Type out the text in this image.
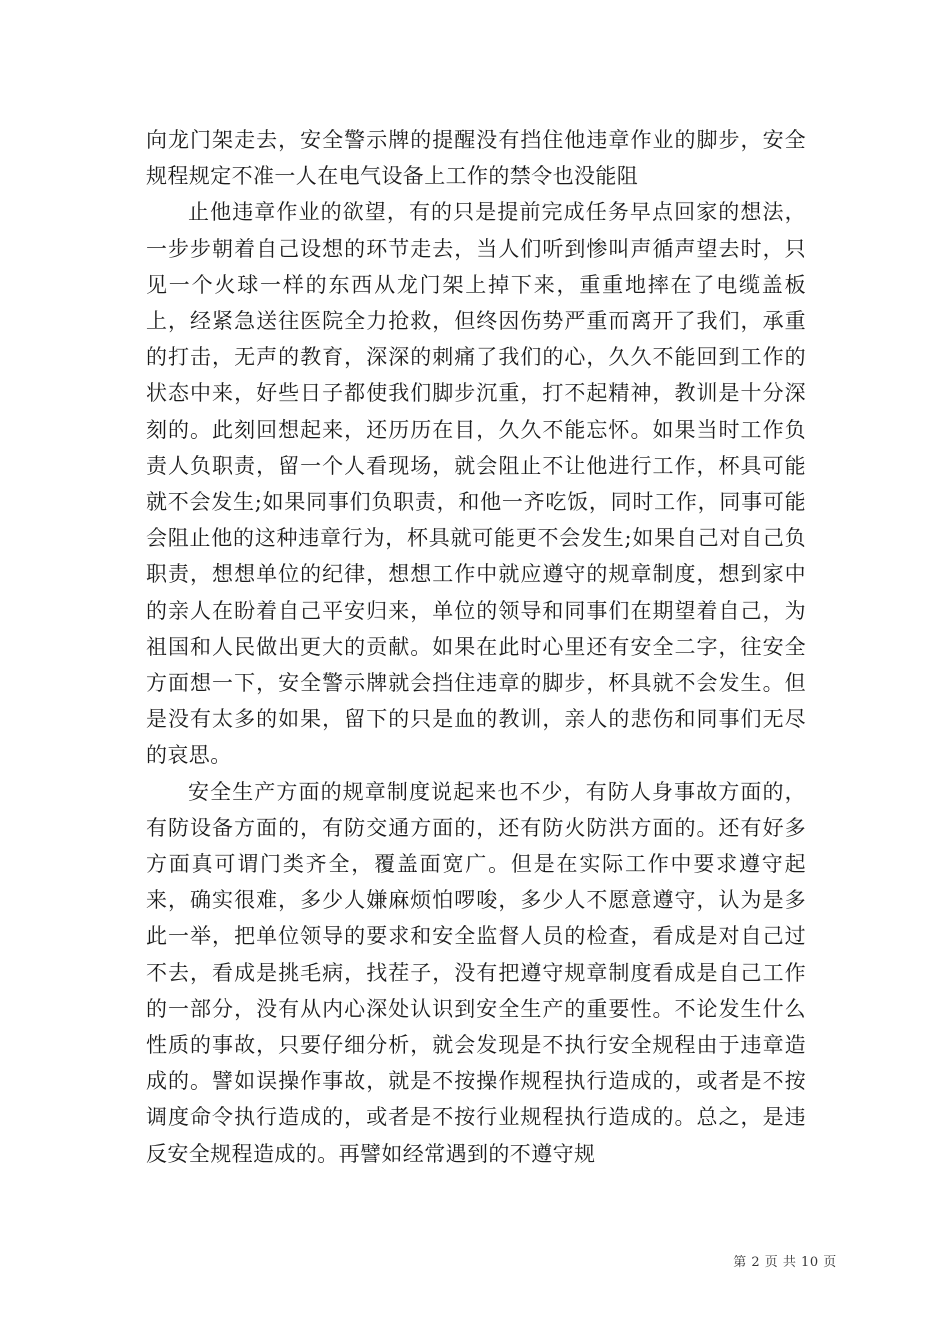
向龙门架走去，安全警示牌的提醒没有挡住他违章作业的脚步，安全规程规定不准一人在电气设备上工作的禁令也没能阻

止他违章作业的欲望，有的只是提前完成任务早点回家的想法，一步步朝着自己设想的环节走去，当人们听到惨叫声循声望去时，只见一个火球一样的东西从龙门架上掉下来，重重地摔在了电缆盖板上，经紧急送往医院全力抢救，但终因伤势严重而离开了我们，承重的打击，无声的教育，深深的刺痛了我们的心，久久不能回到工作的状态中来，好些日子都使我们脚步沉重，打不起精神，教训是十分深刻的。此刻回想起来，还历历在目，久久不能忘怀。如果当时工作负责人负职责，留一个人看现场，就会阻止不让他进行工作，杯具可能就不会发生;如果同事们负职责，和他一齐吃饭，同时工作，同事可能会阻止他的这种违章行为，杯具就可能更不会发生;如果自己对自己负职责，想想单位的纪律，想想工作中就应遵守的规章制度，想到家中的亲人在盼着自己平安归来，单位的领导和同事们在期望着自己，为祖国和人民做出更大的贡献。如果在此时心里还有安全二字，往安全方面想一下，安全警示牌就会挡住违章的脚步，杯具就不会发生。但是没有太多的如果，留下的只是血的教训，亲人的悲伤和同事们无尽的哀思。

安全生产方面的规章制度说起来也不少，有防人身事故方面的，有防设备方面的，有防交通方面的，还有防火防洪方面的。还有好多方面真可谓门类齐全，覆盖面宽广。但是在实际工作中要求遵守起来，确实很难，多少人嫌麻烦怕啰唆，多少人不愿意遵守，认为是多此一举，把单位领导的要求和安全监督人员的检查，看成是对自己过不去，看成是挑毛病，找茬子，没有把遵守规章制度看成是自己工作的一部分，没有从内心深处认识到安全生产的重要性。不论发生什么性质的事故，只要仔细分析，就会发现是不执行安全规程由于违章造成的。譬如误操作事故，就是不按操作规程执行造成的，或者是不按调度命令执行造成的，或者是不按行业规程执行造成的。总之，是违反安全规程造成的。再譬如经常遇到的不遵守规

第 2 页 共 10 页
